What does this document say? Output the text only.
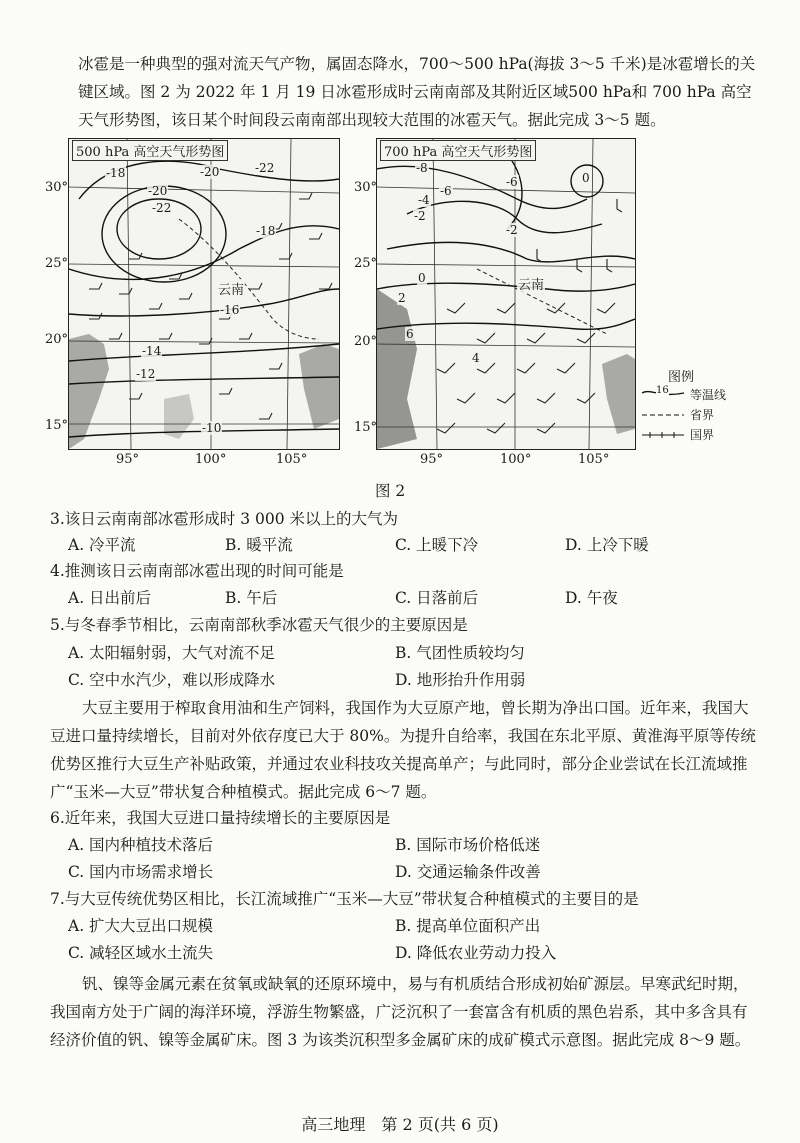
冰雹是一种典型的强对流天气产物，属固态降水，700～500 hPa(海拔 3～5 千米)是冰雹增长的关键区域。图 2 为 2022 年 1 月 19 日冰雹形成时云南南部及其附近区域500 hPa和 700 hPa 高空天气形势图，该日某个时间段云南南部出现较大范围的冰雹天气。据此完成 3～5 题。
500 hPa 高空天气形势图
-18
-20
-22
-20	-22
-18
-16
-14
-12
-10
云南
30°
25°
20°
15°
95°	100°	105°
700 hPa 高空天气形势图
-8
-6
-4
-2
-6
-2
0
0
2
6
4
云南
30°
25°
20°
15°
95°	100°	105°
图例
16 等温线
省界
国界
图 2
3.该日云南南部冰雹形成时 3 000 米以上的大气为
A. 冷平流	B. 暖平流	C. 上暖下冷	D. 上冷下暖
4.推测该日云南南部冰雹出现的时间可能是
A. 日出前后	B. 午后	C. 日落前后	D. 午夜
5.与冬春季节相比，云南南部秋季冰雹天气很少的主要原因是
A. 太阳辐射弱，大气对流不足	B. 气团性质较均匀
C. 空中水汽少，难以形成降水	D. 地形抬升作用弱
大豆主要用于榨取食用油和生产饲料，我国作为大豆原产地，曾长期为净出口国。近年来，我国大豆进口量持续增长，目前对外依存度已大于 80%。为提升自给率，我国在东北平原、黄淮海平原等传统优势区推行大豆生产补贴政策，并通过农业科技攻关提高单产；与此同时，部分企业尝试在长江流域推广“玉米—大豆”带状复合种植模式。据此完成 6～7 题。
6.近年来，我国大豆进口量持续增长的主要原因是
A. 国内种植技术落后	B. 国际市场价格低迷
C. 国内市场需求增长	D. 交通运输条件改善
7.与大豆传统优势区相比，长江流域推广“玉米—大豆”带状复合种植模式的主要目的是
A. 扩大大豆出口规模	B. 提高单位面积产出
C. 减轻区域水土流失	D. 降低农业劳动力投入
钒、镍等金属元素在贫氧或缺氧的还原环境中，易与有机质结合形成初始矿源层。早寒武纪时期，我国南方处于广阔的海洋环境，浮游生物繁盛，广泛沉积了一套富含有机质的黑色岩系，其中多含具有经济价值的钒、镍等金属矿床。图 3 为该类沉积型多金属矿床的成矿模式示意图。据此完成 8～9 题。
高三地理　第 2 页(共 6 页)
